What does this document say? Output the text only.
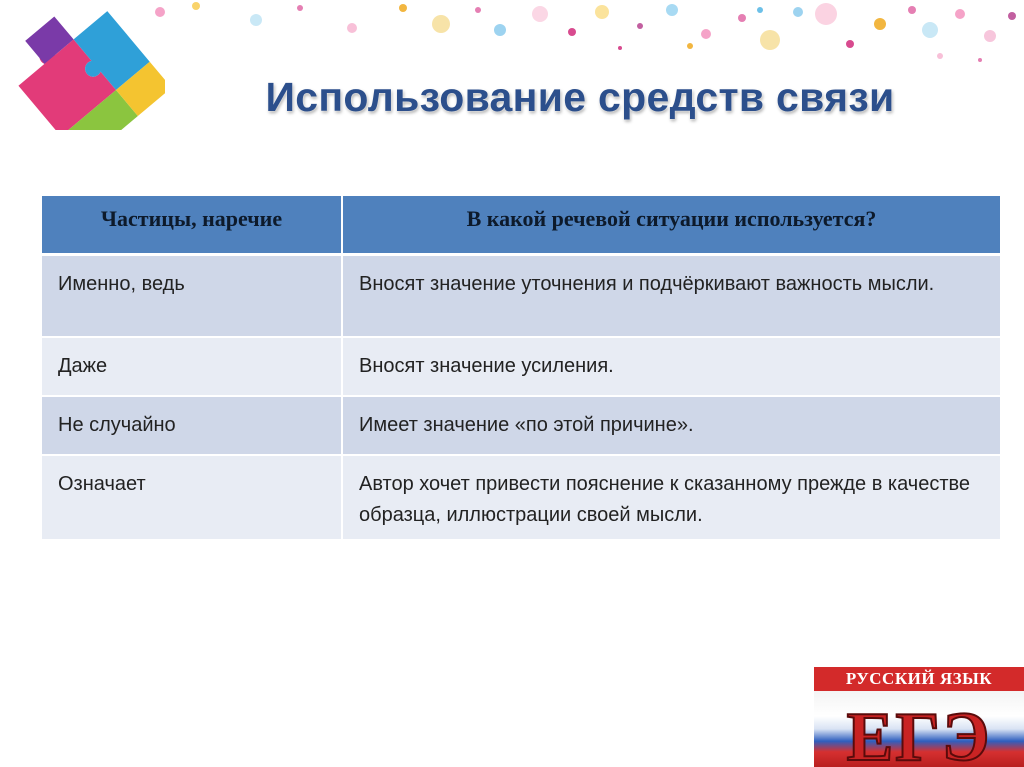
Использование средств связи
Частицы, наречие	В какой речевой ситуации используется?
Именно, ведь	Вносят значение уточнения и подчёркивают важность мысли.
Даже	Вносят значение усиления.
Не случайно	Имеет значение «по этой причине».
Означает	Автор хочет привести пояснение к сказанному прежде в качестве образца, иллюстрации своей мысли.
РУССКИЙ ЯЗЫК
ЕГЭ
